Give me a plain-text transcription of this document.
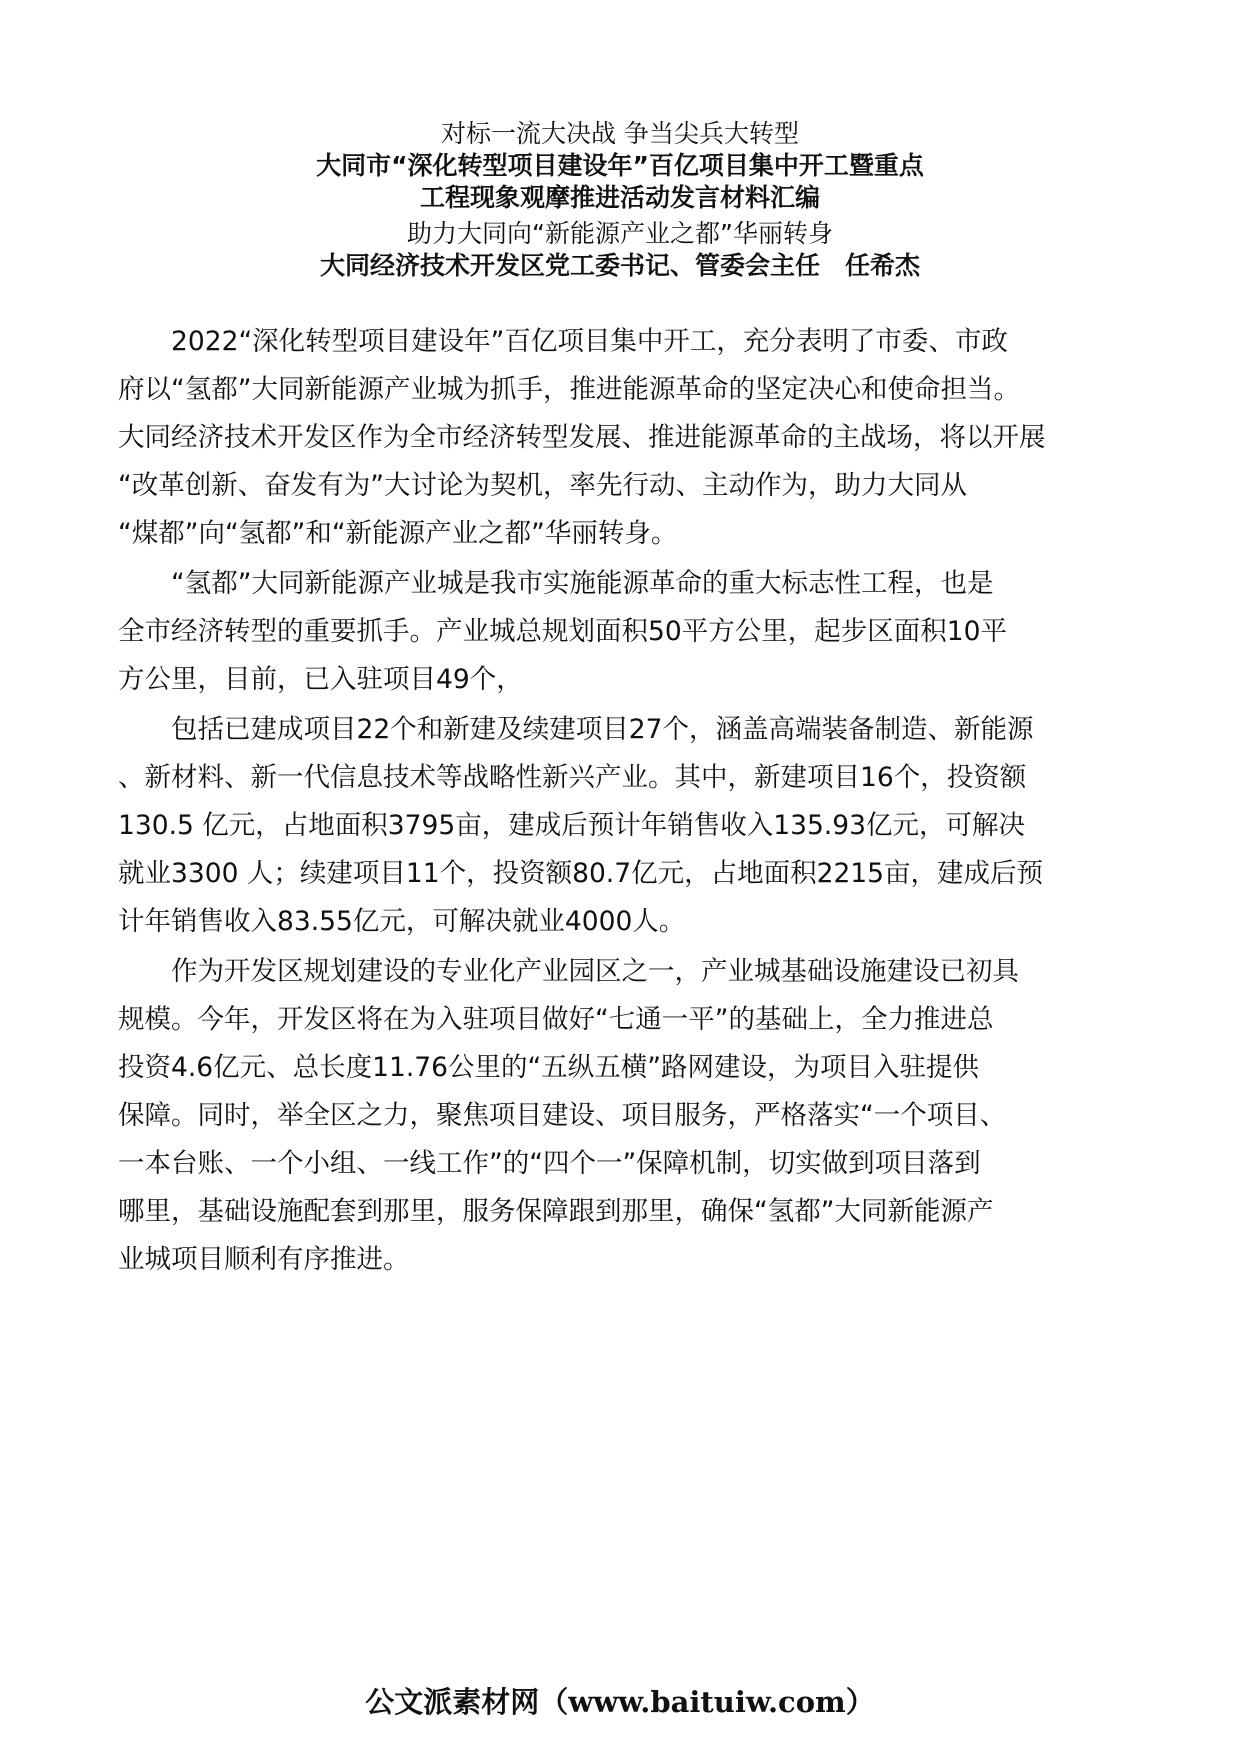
对标一流大决战 争当尖兵大转型
大同市“深化转型项目建设年”百亿项目集中开工暨重点
工程现象观摩推进活动发言材料汇编
助力大同向“新能源产业之都”华丽转身
大同经济技术开发区党工委书记、管委会主任　任希杰
2022“深化转型项目建设年”百亿项目集中开工，充分表明了市委、市政
府以“氢都”大同新能源产业城为抓手，推进能源革命的坚定决心和使命担当。
大同经济技术开发区作为全市经济转型发展、推进能源革命的主战场，将以开展
“改革创新、奋发有为”大讨论为契机，率先行动、主动作为，助力大同从
“煤都”向“氢都”和“新能源产业之都”华丽转身。
“氢都”大同新能源产业城是我市实施能源革命的重大标志性工程，也是
全市经济转型的重要抓手。产业城总规划面积50平方公里，起步区面积10平
方公里，目前，已入驻项目49个，
包括已建成项目22个和新建及续建项目27个，涵盖高端装备制造、新能源
、新材料、新一代信息技术等战略性新兴产业。其中，新建项目16个，投资额
130.5 亿元，占地面积3795亩，建成后预计年销售收入135.93亿元，可解决
就业3300 人；续建项目11个，投资额80.7亿元，占地面积2215亩，建成后预
计年销售收入83.55亿元，可解决就业4000人。
作为开发区规划建设的专业化产业园区之一，产业城基础设施建设已初具
规模。今年，开发区将在为入驻项目做好“七通一平”的基础上，全力推进总
投资4.6亿元、总长度11.76公里的“五纵五横”路网建设，为项目入驻提供
保障。同时，举全区之力，聚焦项目建设、项目服务，严格落实“一个项目、
一本台账、一个小组、一线工作”的“四个一”保障机制，切实做到项目落到
哪里，基础设施配套到那里，服务保障跟到那里，确保“氢都”大同新能源产
业城项目顺利有序推进。
公文派素材网（www.baituiw.com）
